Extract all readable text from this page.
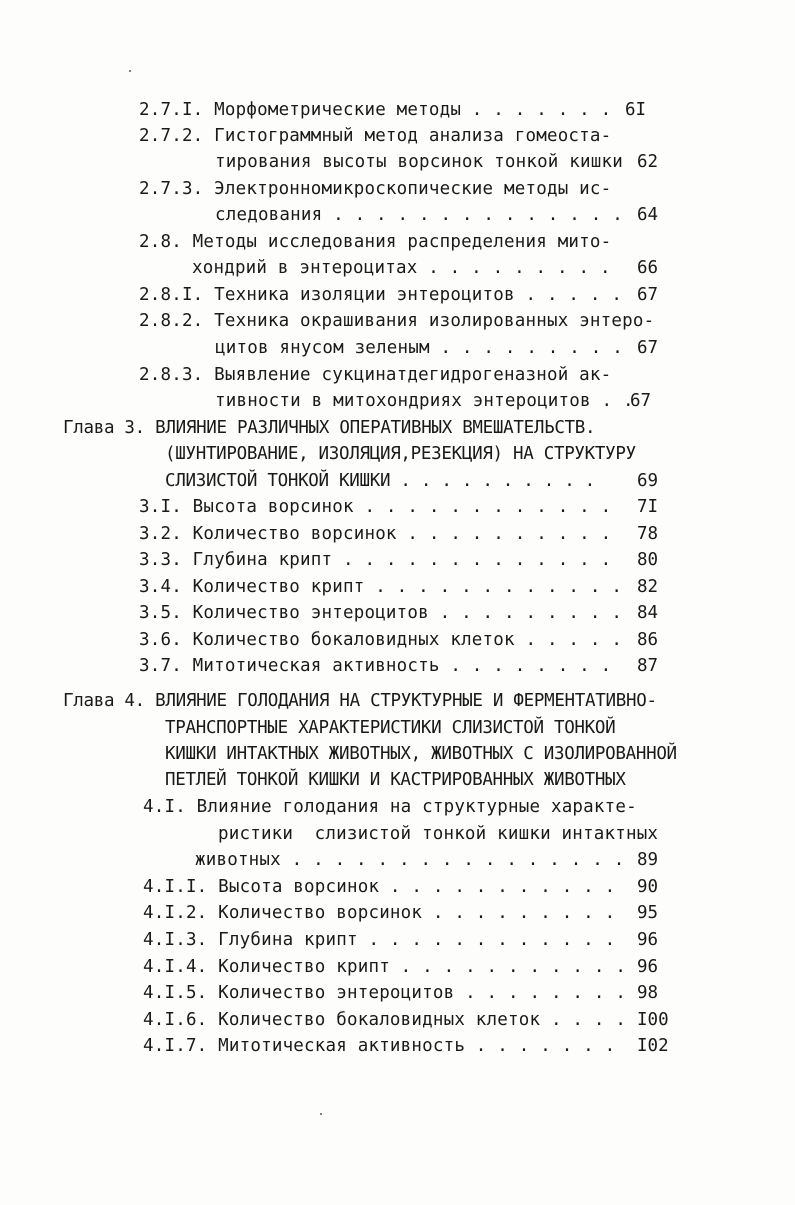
2.7.I. Морфометрические методы . . . . . . . 6I
2.7.2. Гистограммный метод анализа гомеоста-
тирования высоты ворсинок тонкой кишки 62
2.7.3. Электронномикроскопические методы ис-
следования . . . . . . . . . . . . . . 64
2.8. Методы исследования распределения мито-
хондрий в энтероцитах . . . . . . . . . 66
2.8.I. Техника изоляции энтероцитов . . . . . 67
2.8.2. Техника окрашивания изолированных энтеро-
цитов янусом зеленым . . . . . . . . . 67
2.8.3. Выявление сукцинатдегидрогеназной ак-
тивности в митохондриях энтероцитов . .
67
Глава 3. ВЛИЯНИЕ РАЗЛИЧНЫХ ОПЕРАТИВНЫХ ВМЕШАТЕЛЬСТВ.
(ШУНТИРОВАНИЕ, ИЗОЛЯЦИЯ,РЕЗЕКЦИЯ) НА СТРУКТУРУ
СЛИЗИСТОЙ ТОНКОЙ КИШКИ . . . . . . . . . . 69
3.I. Высота ворсинок . . . . . . . . . . . . 7I
3.2. Количество ворсинок . . . . . . . . . . 78
3.3. Глубина крипт . . . . . . . . . . . . . 80
3.4. Количество крипт . . . . . . . . . . . . 82
3.5. Количество энтероцитов . . . . . . . . . 84
3.6. Количество бокаловидных клеток . . . . . 86
3.7. Митотическая активность . . . . . . . . 87
Глава 4. ВЛИЯНИЕ ГОЛОДАНИЯ НА СТРУКТУРНЫЕ И ФЕРМЕНТАТИВНО-
ТРАНСПОРТНЫЕ ХАРАКТЕРИСТИКИ СЛИЗИСТОЙ ТОНКОЙ
КИШКИ ИНТАКТНЫХ ЖИВОТНЫХ, ЖИВОТНЫХ С ИЗОЛИРОВАННОЙ
ПЕТЛЕЙ ТОНКОЙ КИШКИ И КАСТРИРОВАННЫХ ЖИВОТНЫХ
4.I. Влияние голодания на структурные характе-
ристики  слизистой тонкой кишки интактных
животных . . . . . . . . . . . . . . . . 89
4.I.I. Высота ворсинок . . . . . . . . . . . 90
4.I.2. Количество ворсинок . . . . . . . . . 95
4.I.3. Глубина крипт . . . . . . . . . . . . 96
4.I.4. Количество крипт . . . . . . . . . . . 96
4.I.5. Количество энтероцитов . . . . . . . . 98
4.I.6. Количество бокаловидных клеток . . . . I00
4.I.7. Митотическая активность . . . . . . . I02
